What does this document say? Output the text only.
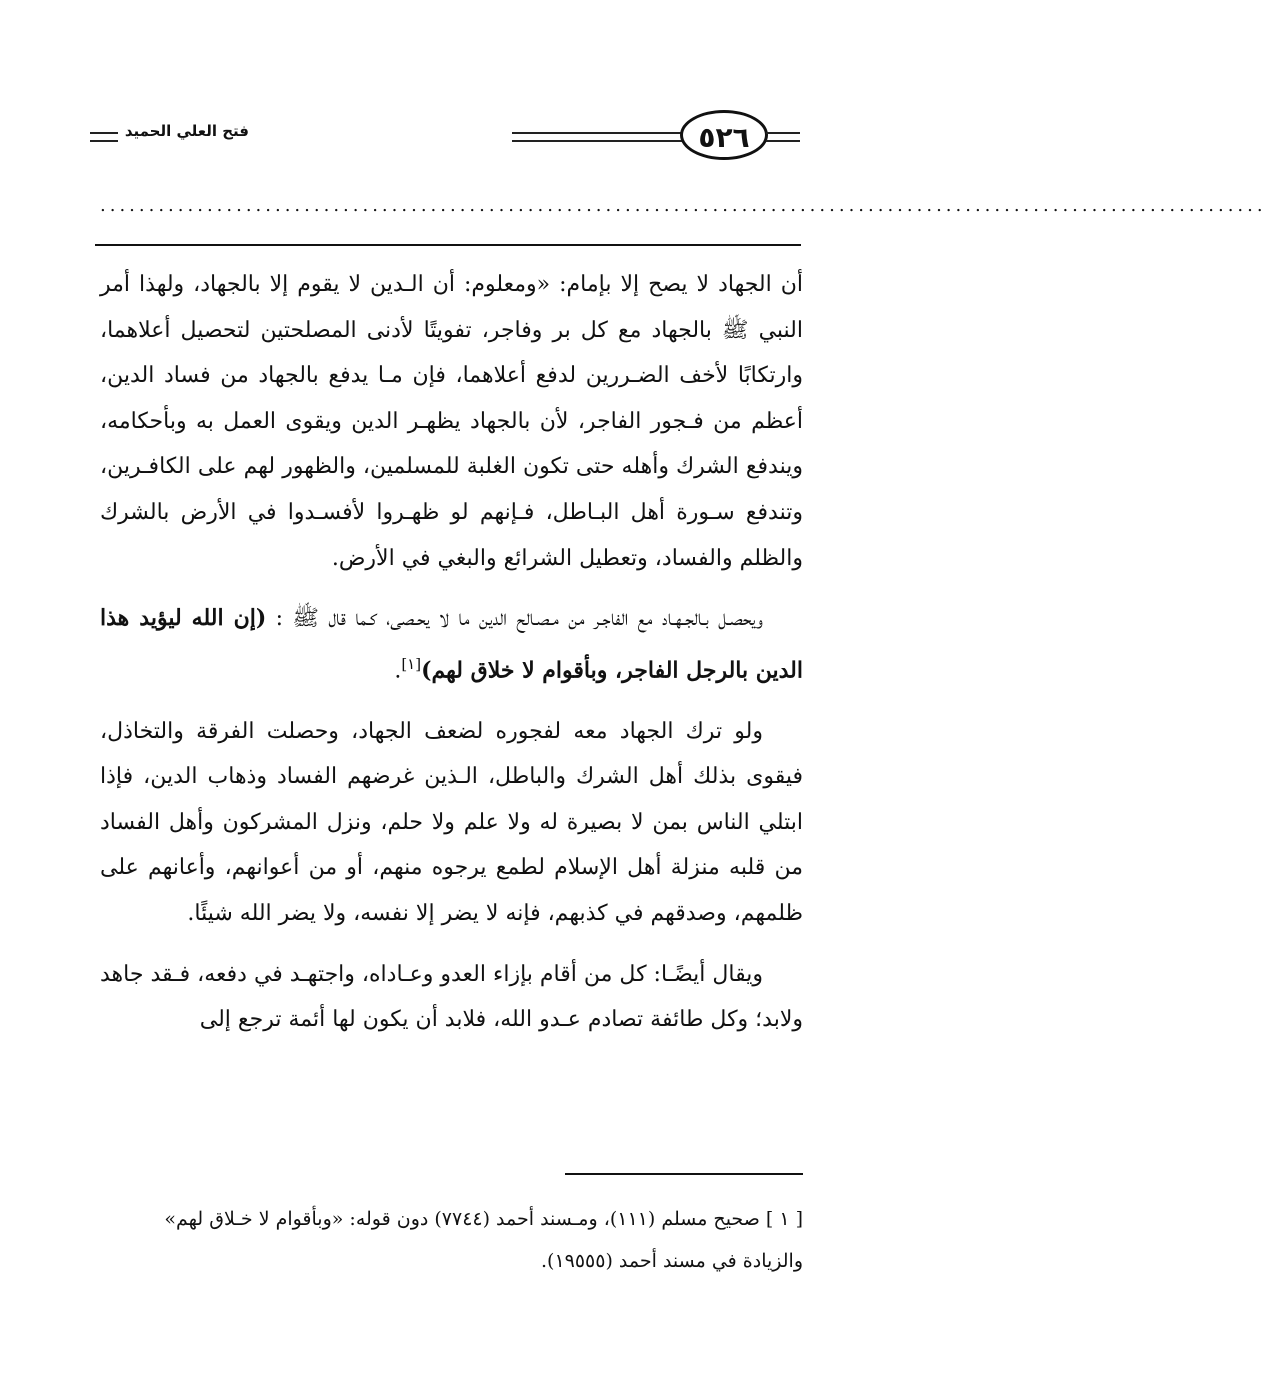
فتح العلي الحميد	٥٢٦
........................................................................................................................

أن الجهاد لا يصح إلا بإمام: «ومعلوم: أن الـدين لا يقوم إلا بالجهاد، ولهذا أمر النبي ﷺ بالجهاد مع كل بر وفاجر، تفويتًا لأدنى المصلحتين لتحصيل أعلاهما، وارتكابًا لأخف الضـررين لدفع أعلاهما، فإن مـا يدفع بالجهاد من فساد الدين، أعظم من فـجور الفاجر، لأن بالجهاد يظهـر الدين ويقوى العمل به وبأحكامه، ويندفع الشرك وأهله حتى تكون الغلبة للمسلمين، والظهور لهم على الكافـرين، وتندفع سـورة أهل البـاطل، فـإنهم لو ظهـروا لأفسـدوا في الأرض بالشرك والظلم والفساد، وتعطيل الشرائع والبغي في الأرض.

ويحصـل بـالجـهـاد مع الفاجـر من مـصـالح الدين ما لا يحـصى، كـما قال ﷺ : (إن الله ليؤيد هذا الدين بالرجل الفاجر، وبأقوام لا خلاق لهم)[١].

ولو ترك الجهاد معه لفجوره لضعف الجهاد، وحصلت الفرقة والتخاذل، فيقوى بذلك أهل الشرك والباطل، الـذين غرضهم الفساد وذهاب الدين، فإذا ابتلي الناس بمن لا بصيرة له ولا علم ولا حلم، ونزل المشركون وأهل الفساد من قلبه منزلة أهل الإسلام لطمع يرجوه منهم، أو من أعوانهم، وأعانهم على ظلمهم، وصدقهم في كذبهم، فإنه لا يضر إلا نفسه، ولا يضر الله شيئًا.

ويقال أيضًـا: كل من أقام بإزاء العدو وعـاداه، واجتهـد في دفعه، فـقد جاهد ولابد؛ وكل طائفة تصادم عـدو الله، فلابد أن يكون لها أئمة ترجع إلى

[ ١ ] صحيح مسلم (١١١)، ومـسند أحمد (٧٧٤٤) دون قوله: «وبأقوام لا خـلاق لهم»

والزيادة في مسند أحمد (١٩٥٥٥).
